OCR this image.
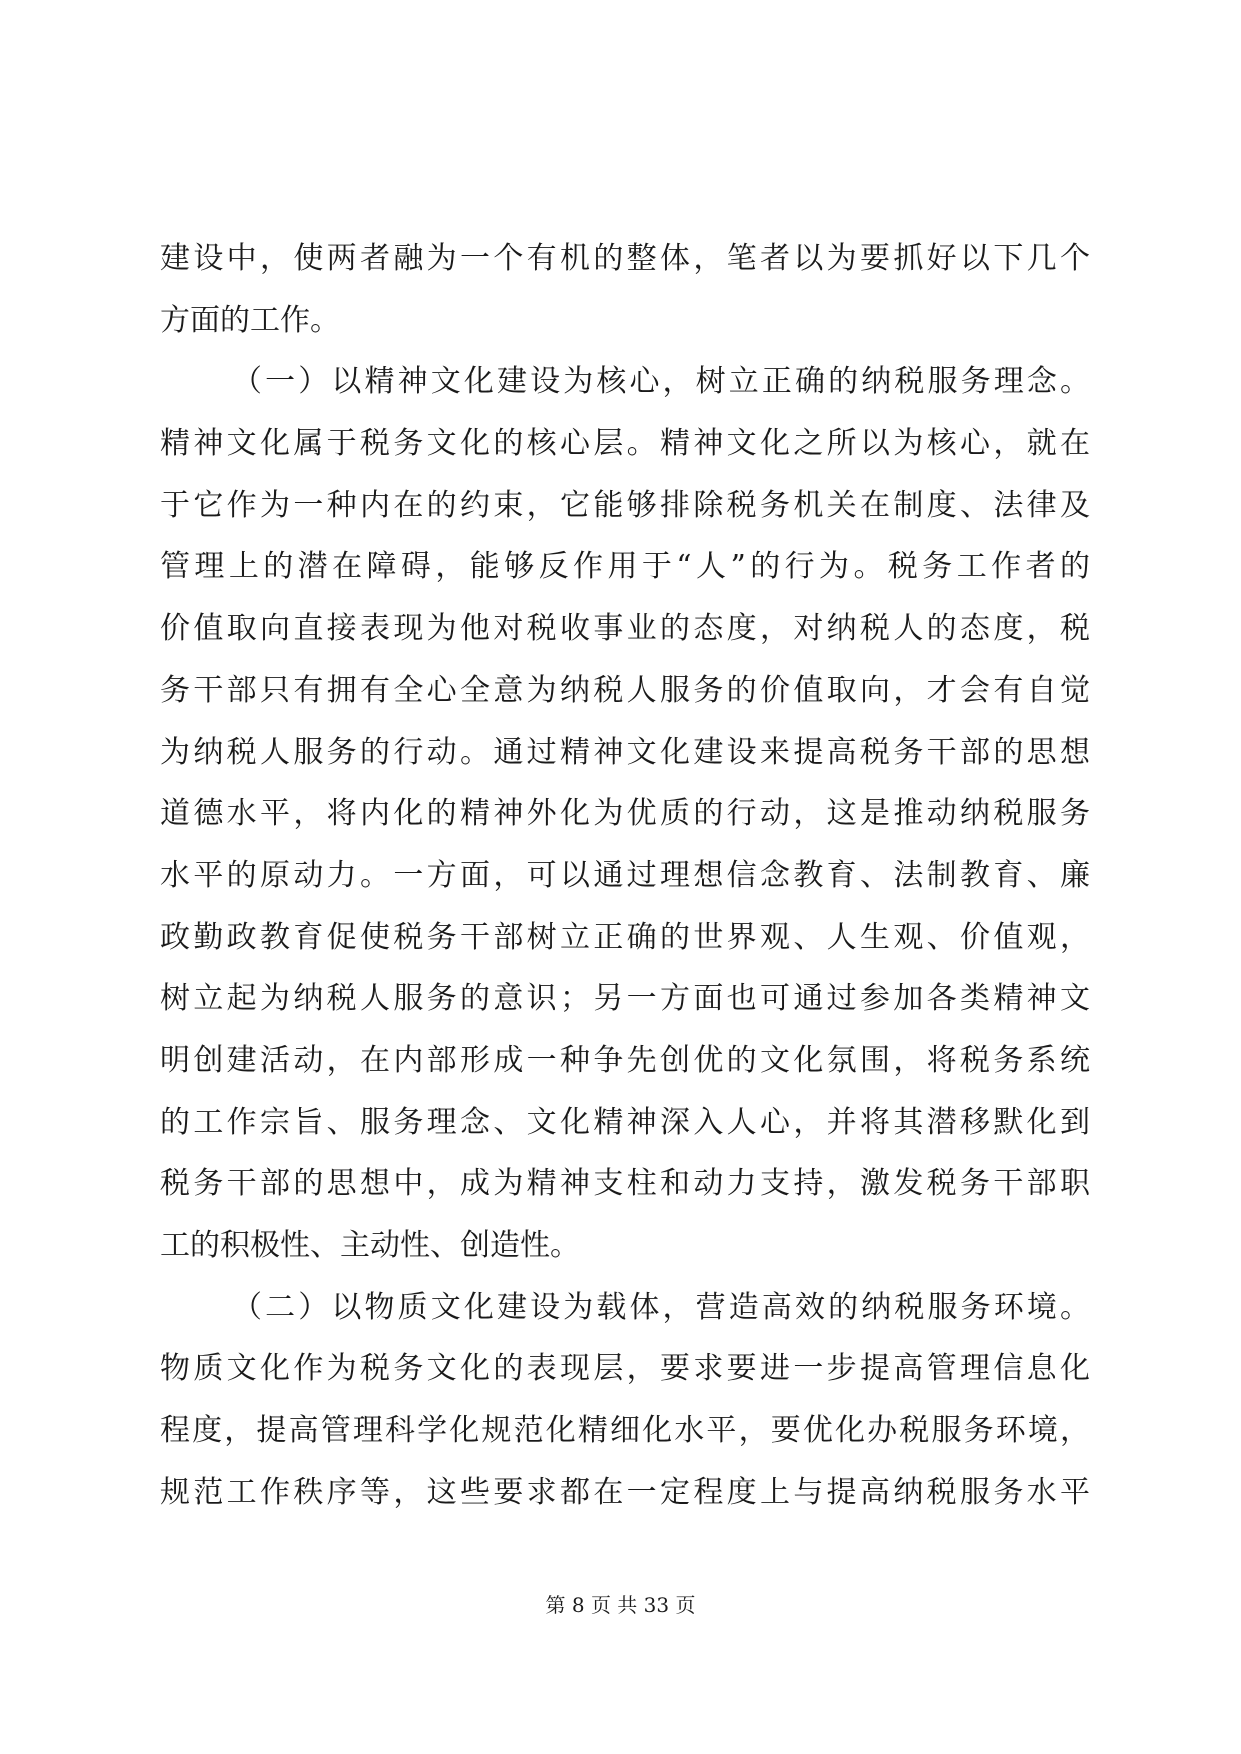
建设中，使两者融为一个有机的整体，笔者以为要抓好以下几个
方面的工作。
（一）以精神文化建设为核心，树立正确的纳税服务理念。
精神文化属于税务文化的核心层。精神文化之所以为核心，就在
于它作为一种内在的约束，它能够排除税务机关在制度、法律及
管理上的潜在障碍，能够反作用于“人”的行为。税务工作者的
价值取向直接表现为他对税收事业的态度，对纳税人的态度，税
务干部只有拥有全心全意为纳税人服务的价值取向，才会有自觉
为纳税人服务的行动。通过精神文化建设来提高税务干部的思想
道德水平，将内化的精神外化为优质的行动，这是推动纳税服务
水平的原动力。一方面，可以通过理想信念教育、法制教育、廉
政勤政教育促使税务干部树立正确的世界观、人生观、价值观，
树立起为纳税人服务的意识；另一方面也可通过参加各类精神文
明创建活动，在内部形成一种争先创优的文化氛围，将税务系统
的工作宗旨、服务理念、文化精神深入人心，并将其潜移默化到
税务干部的思想中，成为精神支柱和动力支持，激发税务干部职
工的积极性、主动性、创造性。
（二）以物质文化建设为载体，营造高效的纳税服务环境。
物质文化作为税务文化的表现层，要求要进一步提高管理信息化
程度，提高管理科学化规范化精细化水平，要优化办税服务环境，
规范工作秩序等，这些要求都在一定程度上与提高纳税服务水平
第 8 页 共 33 页
